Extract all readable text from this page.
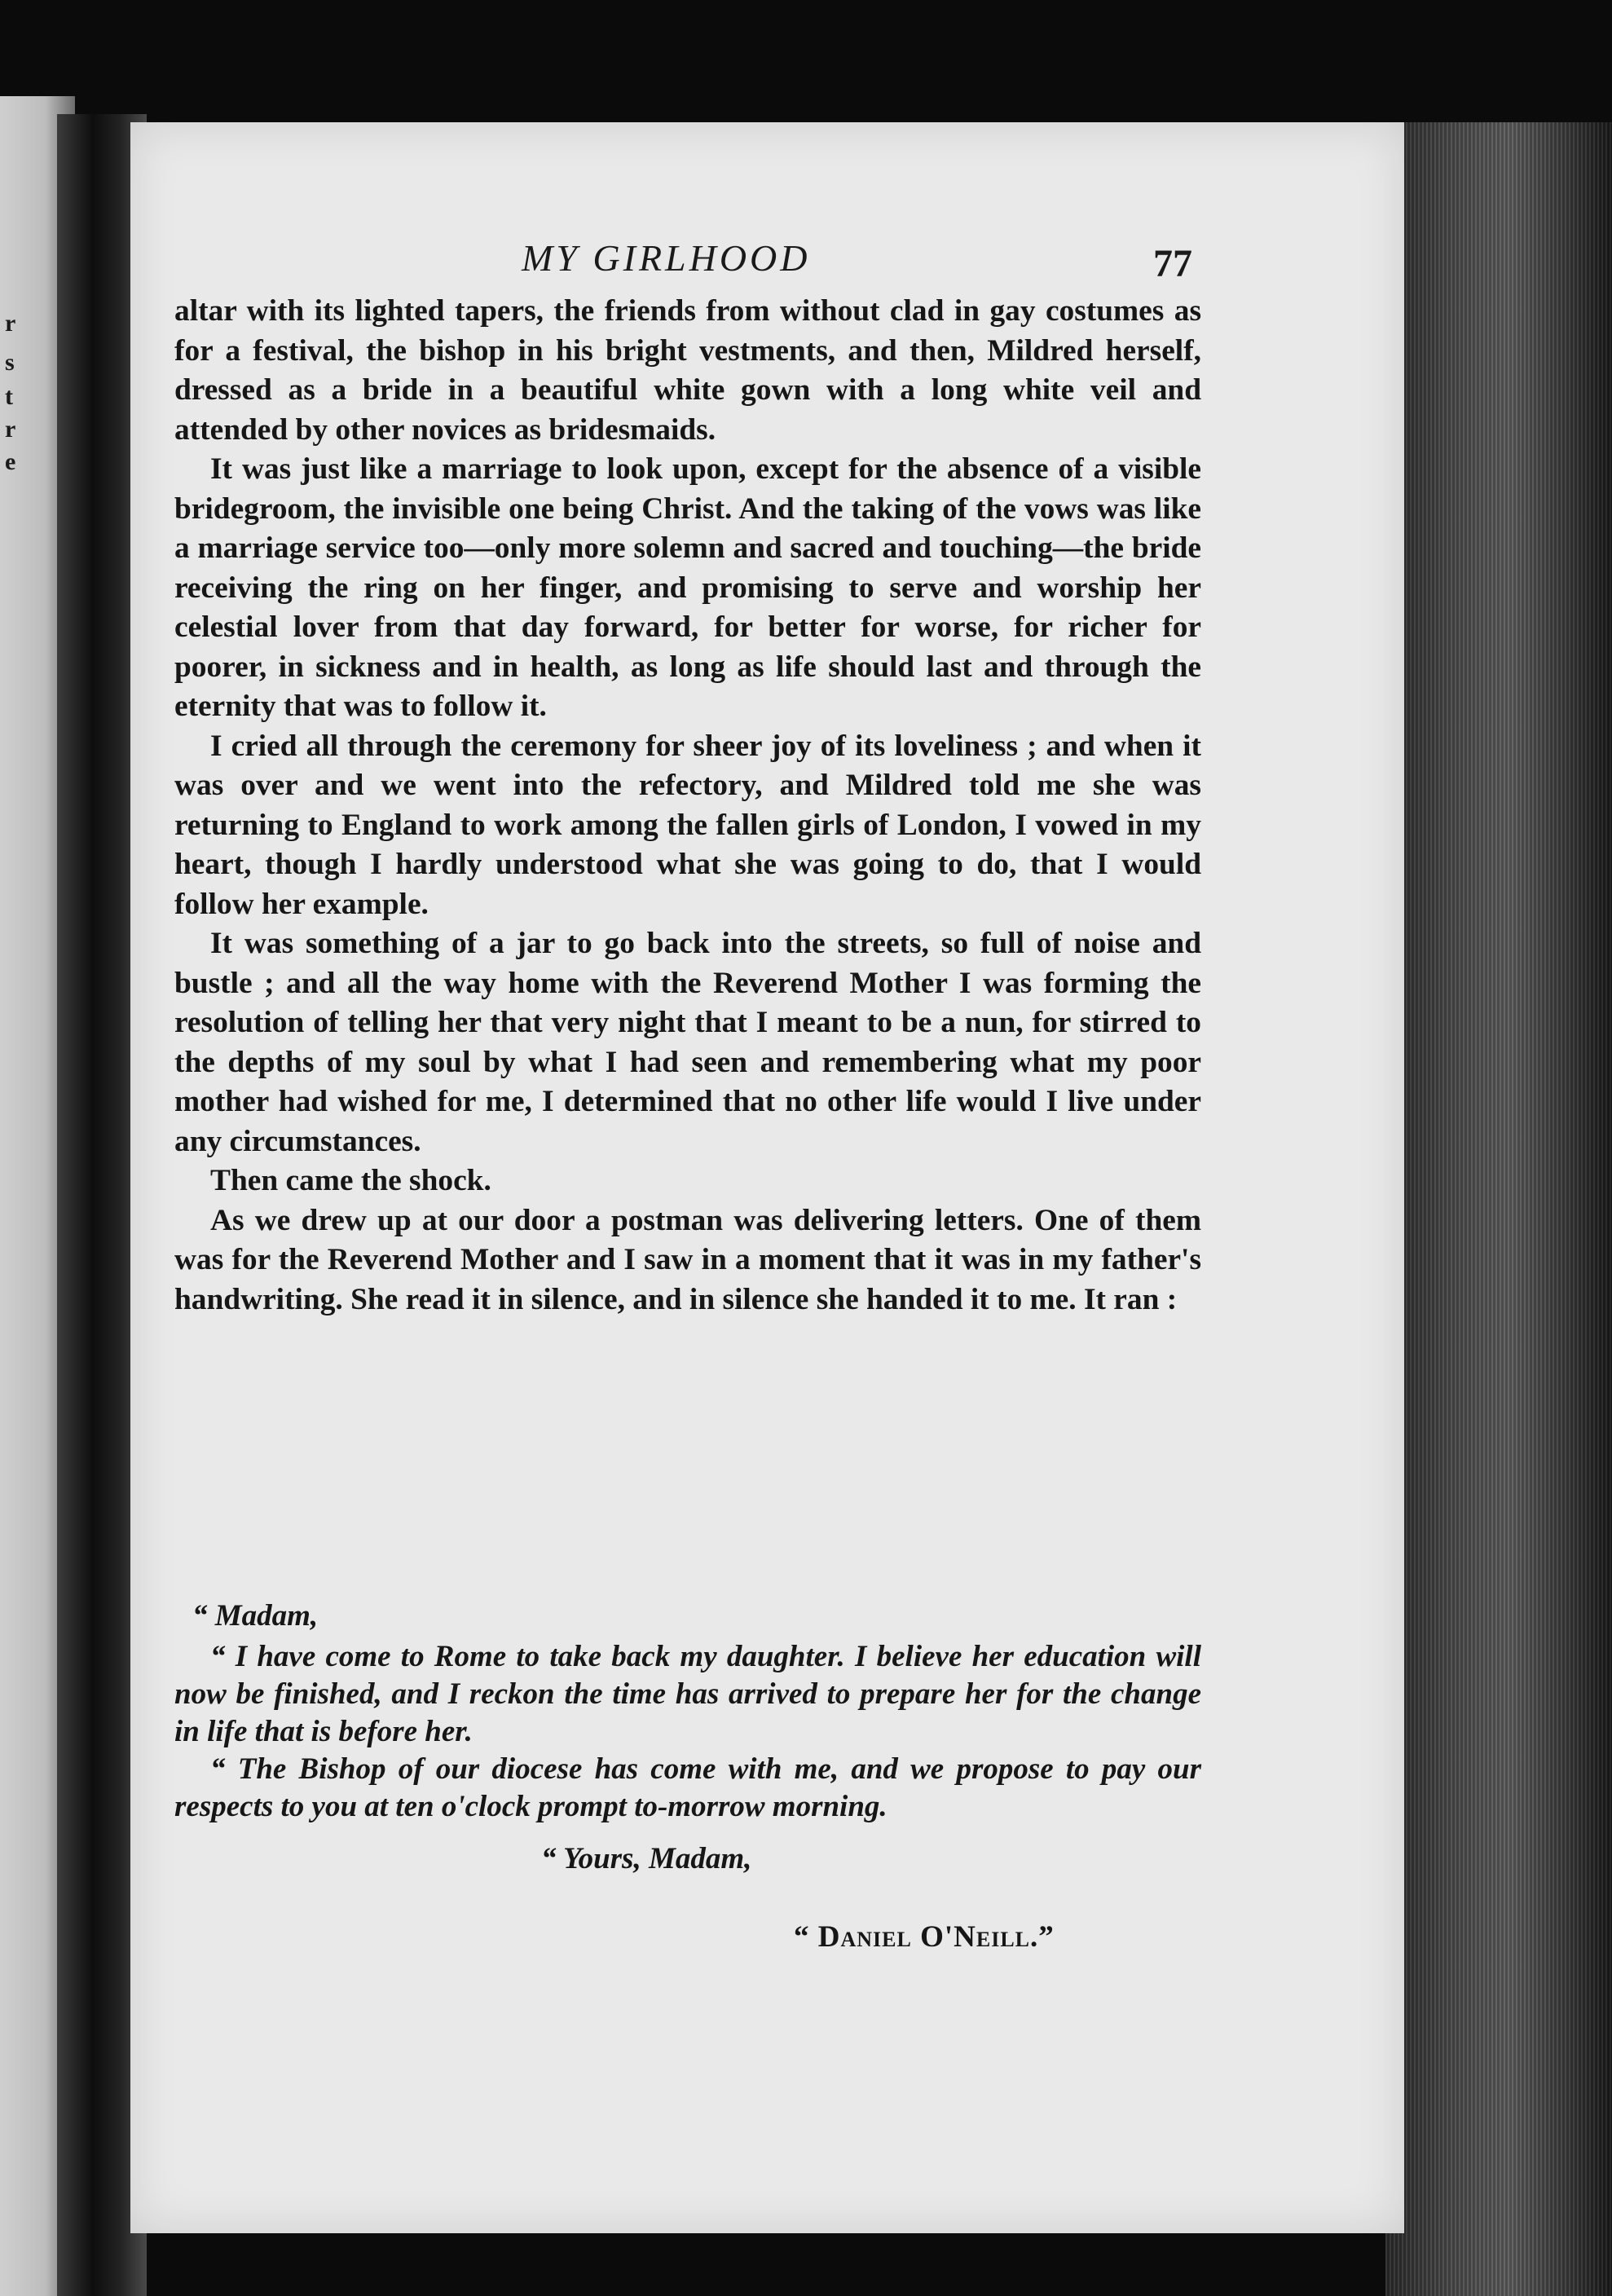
r
s
t
r
e
MY GIRLHOOD	77

altar with its lighted tapers, the friends from without clad in gay costumes as for a festival, the bishop in his bright vestments, and then, Mildred herself, dressed as a bride in a beautiful white gown with a long white veil and attended by other novices as bridesmaids.

It was just like a marriage to look upon, except for the absence of a visible bridegroom, the invisible one being Christ. And the taking of the vows was like a marriage service too—only more solemn and sacred and touching—the bride receiving the ring on her finger, and promising to serve and worship her celestial lover from that day forward, for better for worse, for richer for poorer, in sickness and in health, as long as life should last and through the eternity that was to follow it.

I cried all through the ceremony for sheer joy of its loveliness ; and when it was over and we went into the refectory, and Mildred told me she was returning to England to work among the fallen girls of London, I vowed in my heart, though I hardly understood what she was going to do, that I would follow her example.

It was something of a jar to go back into the streets, so full of noise and bustle ; and all the way home with the Reverend Mother I was forming the resolution of telling her that very night that I meant to be a nun, for stirred to the depths of my soul by what I had seen and remembering what my poor mother had wished for me, I determined that no other life would I live under any circumstances.

Then came the shock.

As we drew up at our door a postman was delivering letters. One of them was for the Reverend Mother and I saw in a moment that it was in my father's handwriting. She read it in silence, and in silence she handed it to me. It ran :

“ Madam,

“ I have come to Rome to take back my daughter. I believe her education will now be finished, and I reckon the time has arrived to prepare her for the change in life that is before her.

“ The Bishop of our diocese has come with me, and we propose to pay our respects to you at ten o'clock prompt to-morrow morning.

“ Yours, Madam,

“ Daniel O'Neill.”
